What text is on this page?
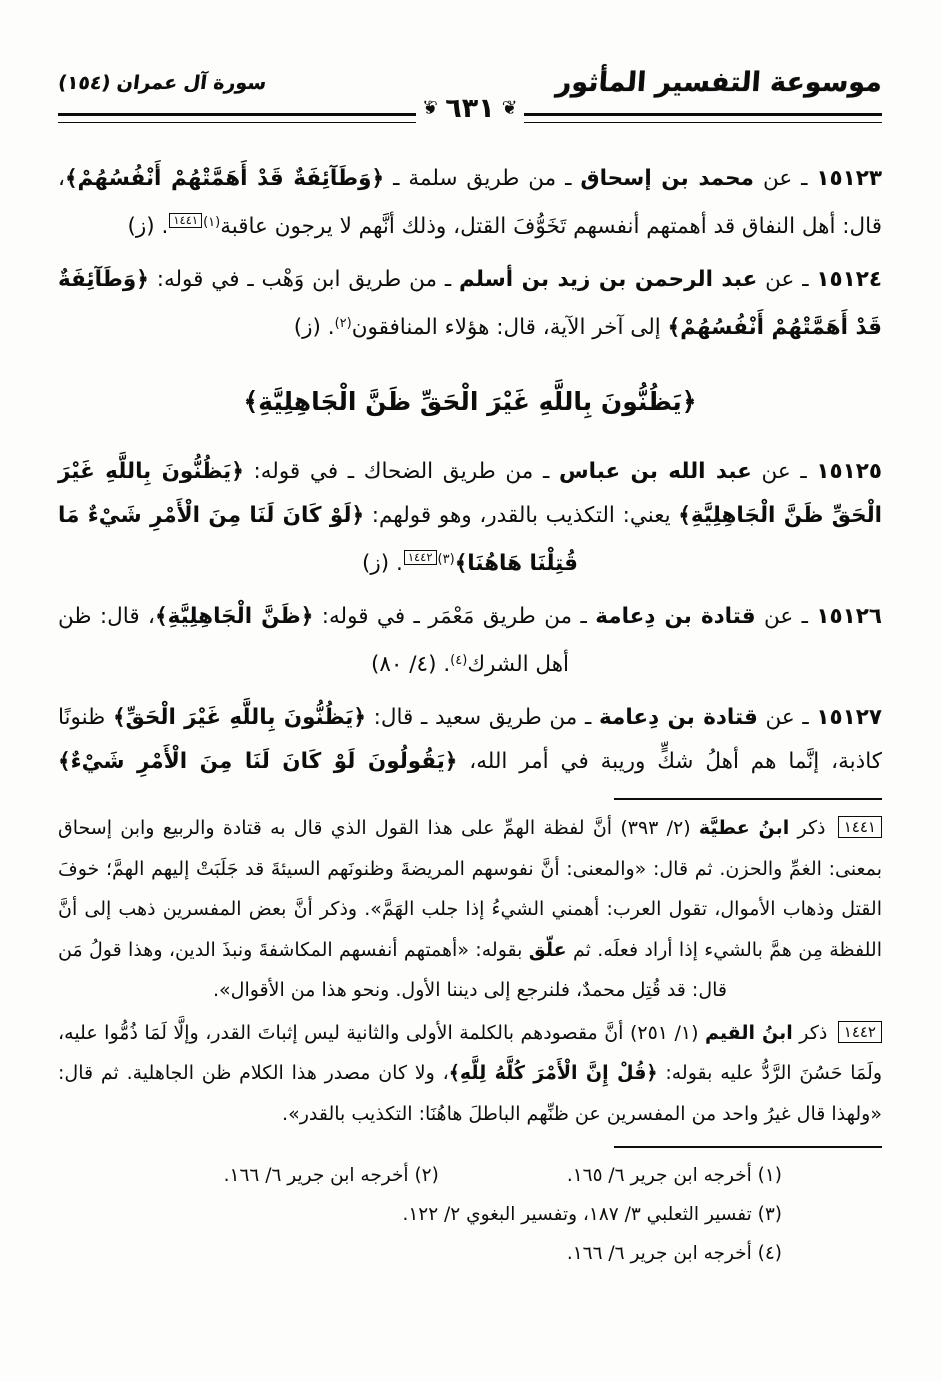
موسوعة التفسير المأثور
سورة آل عمران (١٥٤)
❦
٦٣١
❦

١٥١٢٣ ـ عن محمد بن إسحاق ـ من طريق سلمة ـ ﴿وَطَآئِفَةٌ قَدْ أَهَمَّتْهُمْ أَنْفُسُهُمْ﴾، قال: أهل النفاق قد أهمتهم أنفسهم تَخَوُّفَ القتل، وذلك أنَّهم لا يرجون عاقبة$^{(١)}$١٤٤١. (ز)

١٥١٢٤ ـ عن عبد الرحمن بن زيد بن أسلم ـ من طريق ابن وَهْب ـ في قوله: ﴿وَطَآئِفَةٌ قَدْ أَهَمَّتْهُمْ أَنْفُسُهُمْ﴾ إلى آخر الآية، قال: هؤلاء المنافقون$^{(٢)}$. (ز)

﴿يَظُنُّونَ بِاللَّهِ غَيْرَ الْحَقِّ ظَنَّ الْجَاهِلِيَّةِ﴾

١٥١٢٥ ـ عن عبد الله بن عباس ـ من طريق الضحاك ـ في قوله: ﴿يَظُنُّونَ بِاللَّهِ غَيْرَ الْحَقِّ ظَنَّ الْجَاهِلِيَّةِ﴾ يعني: التكذيب بالقدر، وهو قولهم: ﴿لَوْ كَانَ لَنَا مِنَ الْأَمْرِ شَيْءٌ مَا قُتِلْنَا هَاهُنَا﴾$^{(٣)}$١٤٤٢. (ز)

١٥١٢٦ ـ عن قتادة بن دِعامة ـ من طريق مَعْمَر ـ في قوله: ﴿ظَنَّ الْجَاهِلِيَّةِ﴾، قال: ظن أهل الشرك$^{(٤)}$. (٤/ ٨٠)

١٥١٢٧ ـ عن قتادة بن دِعامة ـ من طريق سعيد ـ قال: ﴿يَظُنُّونَ بِاللَّهِ غَيْرَ الْحَقِّ﴾ ظنونًا كاذبة، إنَّما هم أهلُ شكٍّ وريبة في أمر الله، ﴿يَقُولُونَ لَوْ كَانَ لَنَا مِنَ الْأَمْرِ شَيْءٌ﴾

١٤٤١ ذكر ابنُ عطيَّة (٢/ ٣٩٣) أنَّ لفظة الهمِّ على هذا القول الذي قال به قتادة والربيع وابن إسحاق بمعنى: الغمِّ والحزن. ثم قال: «والمعنى: أنَّ نفوسهم المريضةَ وظنونَهم السيئةَ قد جَلَبَتْ إليهم الهمَّ؛ خوفَ القتل وذهاب الأموال، تقول العرب: أهمني الشيءُ إذا جلب الهَمَّ». وذكر أنَّ بعض المفسرين ذهب إلى أنَّ اللفظة مِن همَّ بالشيء إذا أراد فعلَه. ثم علّق بقوله: «أهمتهم أنفسهم المكاشفةَ ونبذَ الدين، وهذا قولُ مَن قال: قد قُتِل محمدٌ، فلنرجع إلى ديننا الأول. ونحو هذا من الأقوال».

١٤٤٢ ذكر ابنُ القيم (١/ ٢٥١) أنَّ مقصودهم بالكلمة الأولى والثانية ليس إثباتَ القدر، وإلَّا لَمَا ذُمُّوا عليه، ولَمَا حَسُنَ الرَّدُّ عليه بقوله: ﴿قُلْ إِنَّ الْأَمْرَ كُلَّهُ لِلَّهِ﴾، ولا كان مصدر هذا الكلام ظن الجاهلية. ثم قال: «ولهذا قال غيرُ واحد من المفسرين عن ظنِّهم الباطلَ هاهُنَا: التكذيب بالقدر».

(١) أخرجه ابن جرير ٦/ ١٦٥.
(٢) أخرجه ابن جرير ٦/ ١٦٦.
(٣) تفسير الثعلبي ٣/ ١٨٧، وتفسير البغوي ٢/ ١٢٢.
(٤) أخرجه ابن جرير ٦/ ١٦٦.
